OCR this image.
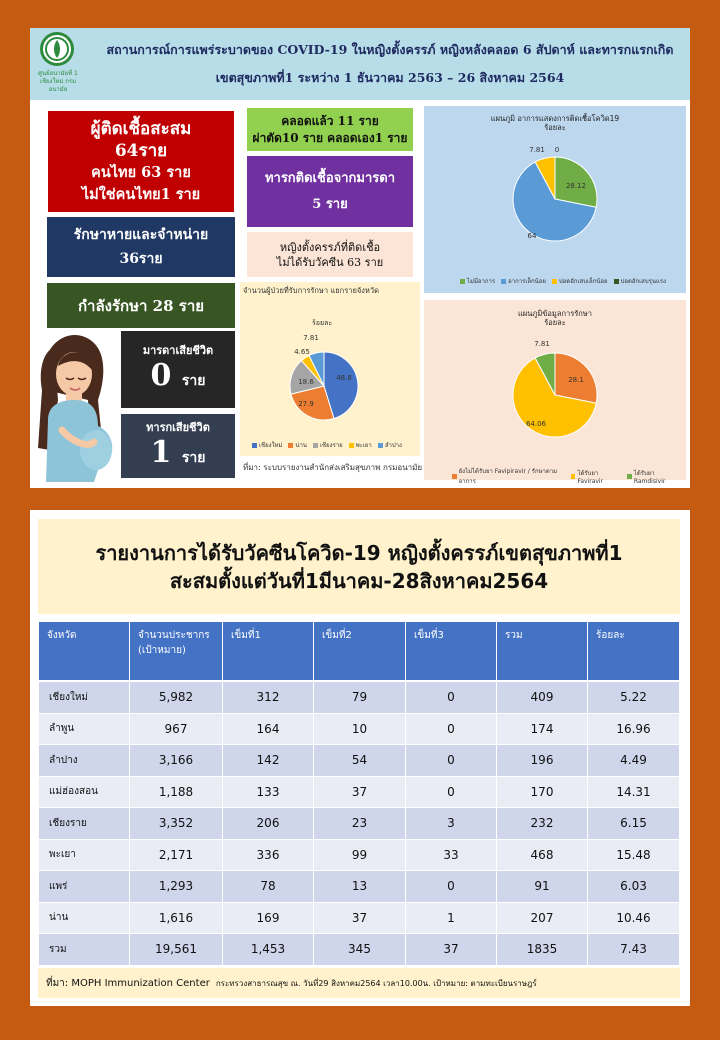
ศูนย์อนามัยที่ 1 เชียงใหม่ กรมอนามัย
สถานการณ์การแพร่ระบาดของ COVID-19 ในหญิงตั้งครรภ์ หญิงหลังคลอด 6 สัปดาห์ และทารกแรกเกิด
เขตสุขภาพที่1 ระหว่าง 1 ธันวาคม 2563 – 26 สิงหาคม 2564
ผู้ติดเชื้อสะสม
64ราย
คนไทย 63 ราย
ไม่ใช่คนไทย1 ราย
รักษาหายและจำหน่าย
36ราย
กำลังรักษา 28 ราย
มารดาเสียชีวิต
0 ราย
ทารกเสียชีวิต
1 ราย
คลอดแล้ว 11 ราย
ผ่าตัด10 ราย คลอดเอง1 ราย
ทารกติดเชื้อจากมารดา
5 ราย
หญิงตั้งครรภ์ที่ติดเชื้อ
ไม่ได้รับวัคซีน 63 ราย
จำนวนผู้ป่วยที่รับการรักษา แยกรายจังหวัด
ร้อยละ
48.8
27.9
18.6
4.65
7.81
เชียงใหม่ น่าน เชียงราย พะเยา ลำปาง
ที่มา: ระบบรายงานสำนักส่งเสริมสุขภาพ กรมอนามัย
แผนภูมิ อาการแสดงการติดเชื้อโควิด19
ร้อยละ
28.12
64
7.81 0
ไม่มีอาการ อาการเล็กน้อย ปอดอักเสบเล็กน้อย ปอดอักเสบรุนแรง
แผนภูมิข้อมูลการรักษา
ร้อยละ
28.1
64.06
7.81
ยังไม่ได้รับยา Favipiravir / รักษาตามอาการ
ได้รับยา Faviravir
ได้รับยา Ramdisivir
รายงานการได้รับวัคซีนโควิด-19 หญิงตั้งครรภ์เขตสุขภาพที่1
สะสมตั้งแต่วันที่1มีนาคม-28สิงหาคม2564
จังหวัด	จำนวนประชากร (เป้าหมาย)	เข็มที่1	เข็มที่2	เข็มที่3	รวม	ร้อยละ
เชียงใหม่	5,982	312	79	0	409	5.22
ลำพูน	967	164	10	0	174	16.96
ลำปาง	3,166	142	54	0	196	4.49
แม่ฮ่องสอน	1,188	133	37	0	170	14.31
เชียงราย	3,352	206	23	3	232	6.15
พะเยา	2,171	336	99	33	468	15.48
แพร่	1,293	78	13	0	91	6.03
น่าน	1,616	169	37	1	207	10.46
รวม	19,561	1,453	345	37	1835	7.43
ที่มา: MOPH Immunization Center กระทรวงสาธารณสุข ณ. วันที่29 สิงหาคม2564 เวลา10.00น. เป้าหมาย: ตามทะเบียนราษฎร์
